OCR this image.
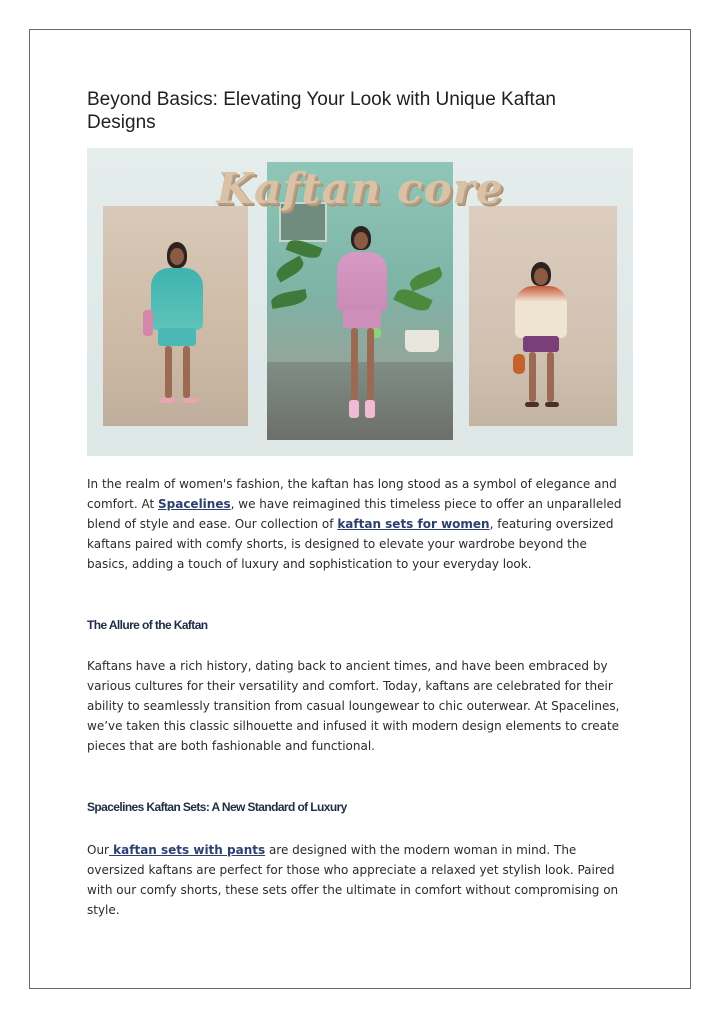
Beyond Basics: Elevating Your Look with Unique Kaftan Designs
Kaftan core

In the realm of women's fashion, the kaftan has long stood as a symbol of elegance and comfort. At Spacelines, we have reimagined this timeless piece to offer an unparalleled blend of style and ease. Our collection of kaftan sets for women, featuring oversized kaftans paired with comfy shorts, is designed to elevate your wardrobe beyond the basics, adding a touch of luxury and sophistication to your everyday look.

The Allure of the Kaftan

Kaftans have a rich history, dating back to ancient times, and have been embraced by various cultures for their versatility and comfort. Today, kaftans are celebrated for their ability to seamlessly transition from casual loungewear to chic outerwear. At Spacelines, we’ve taken this classic silhouette and infused it with modern design elements to create pieces that are both fashionable and functional.

Spacelines Kaftan Sets: A New Standard of Luxury

Our kaftan sets with pants are designed with the modern woman in mind. The oversized kaftans are perfect for those who appreciate a relaxed yet stylish look. Paired with our comfy shorts, these sets offer the ultimate in comfort without compromising on style.
